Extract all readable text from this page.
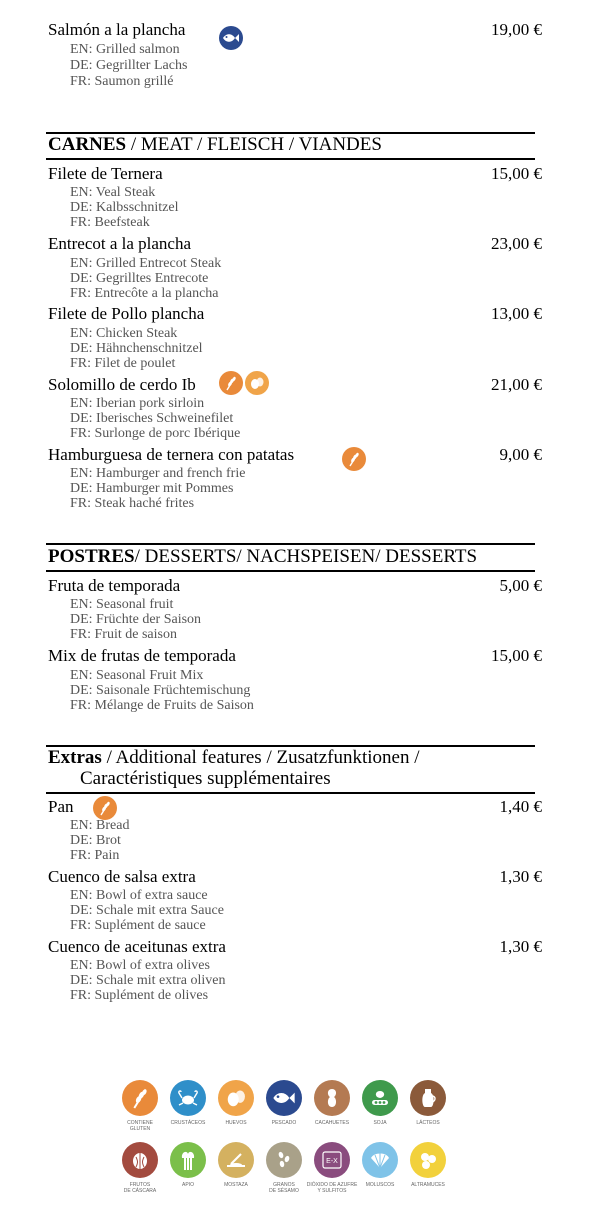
Salmón a la plancha	19,00 €
EN: Grilled salmon
DE: Gegrillter Lachs
FR: Saumon grillé
CARNES / MEAT / FLEISCH / VIANDES
Filete de Ternera	15,00 €
EN: Veal Steak
DE: Kalbsschnitzel
FR: Beefsteak
Entrecot a la plancha	23,00 €
EN: Grilled Entrecot Steak
DE: Gegrilltes Entrecote
FR: Entrecôte a la plancha
Filete de Pollo plancha	13,00 €
EN: Chicken Steak
DE: Hähnchenschnitzel
FR: Filet de poulet
Solomillo de cerdo Ib	21,00 €
EN: Iberian pork sirloin
DE: Iberisches Schweinefilet
FR: Surlonge de porc Ibérique
Hamburguesa de ternera con patatas	9,00 €
EN: Hamburger and french frie
DE: Hamburger mit Pommes
FR: Steak haché frites
POSTRES/ DESSERTS/ NACHSPEISEN/ DESSERTS
Fruta de temporada	5,00 €
EN: Seasonal fruit
DE: Früchte der Saison
FR: Fruit de saison
Mix de frutas de temporada	15,00 €
EN: Seasonal Fruit Mix
DE: Saisonale Früchtemischung
FR: Mélange de Fruits de Saison
Extras / Additional features / Zusatzfunktionen /
Caractéristiques supplémentaires
Pan	1,40 €
EN: Bread
DE: Brot
FR: Pain
Cuenco de salsa extra	1,30 €
EN: Bowl of extra sauce
DE: Schale mit extra Sauce
FR: Suplément de sauce
Cuenco de aceitunas extra	1,30 €
EN: Bowl of extra olives
DE: Schale mit extra oliven
FR: Suplément de olives
CONTIENE
GLUTEN
CRUSTÁCEOS	HUEVOS	PESCADO	CACAHUETES	SOJA	LÁCTEOS
FRUTOS
DE CÁSCARA
APIO	MOSTAZA	GRANOS
DE SÉSAMO
E-X
DIÓXIDO DE AZUFRE
Y SULFITOS
MOLUSCOS	ALTRAMUCES
